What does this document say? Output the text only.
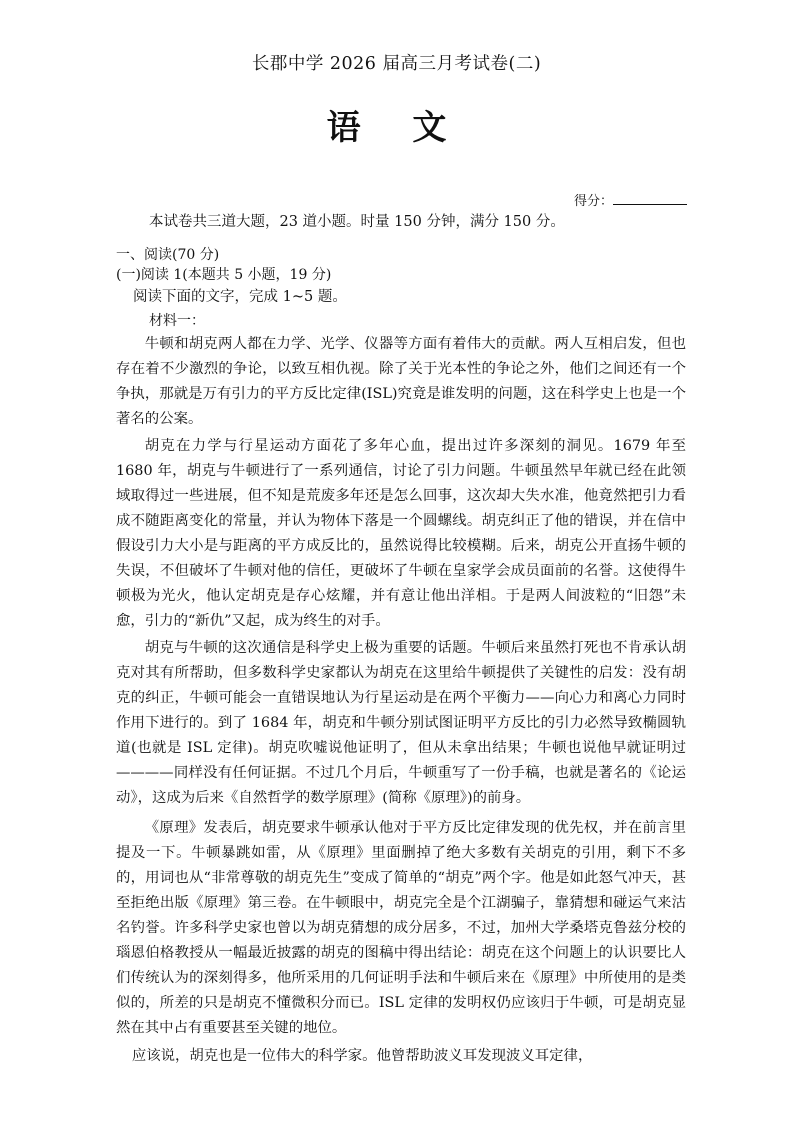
长郡中学 2026 届高三月考试卷(二)
语 文
得分：
本试卷共三道大题，23 道小题。时量 150 分钟，满分 150 分。
一、阅读(70 分)
(一)阅读 1(本题共 5 小题，19 分)
阅读下面的文字，完成 1~5 题。
材料一：

牛顿和胡克两人都在力学、光学、仪器等方面有着伟大的贡献。两人互相启发，但也存在着不少激烈的争论，以致互相仇视。除了关于光本性的争论之外，他们之间还有一个争执，那就是万有引力的平方反比定律(ISL)究竟是谁发明的问题，这在科学史上也是一个著名的公案。

胡克在力学与行星运动方面花了多年心血，提出过许多深刻的洞见。1679 年至 1680 年，胡克与牛顿进行了一系列通信，讨论了引力问题。牛顿虽然早年就已经在此领域取得过一些进展，但不知是荒废多年还是怎么回事，这次却大失水准，他竟然把引力看成不随距离变化的常量，并认为物体下落是一个圆螺线。胡克纠正了他的错误，并在信中假设引力大小是与距离的平方成反比的，虽然说得比较模糊。后来，胡克公开直扬牛顿的失误，不但破坏了牛顿对他的信任，更破坏了牛顿在皇家学会成员面前的名誉。这使得牛顿极为光火，他认定胡克是存心炫耀，并有意让他出洋相。于是两人间波粒的“旧怨”未愈，引力的“新仇”又起，成为终生的对手。

胡克与牛顿的这次通信是科学史上极为重要的话题。牛顿后来虽然打死也不肯承认胡克对其有所帮助，但多数科学史家都认为胡克在这里给牛顿提供了关键性的启发：没有胡克的纠正，牛顿可能会一直错误地认为行星运动是在两个平衡力——向心力和离心力同时作用下进行的。到了 1684 年，胡克和牛顿分别试图证明平方反比的引力必然导致椭圆轨道(也就是 ISL 定律)。胡克吹嘘说他证明了，但从未拿出结果；牛顿也说他早就证明过————同样没有任何证据。不过几个月后，牛顿重写了一份手稿，也就是著名的《论运动》，这成为后来《自然哲学的数学原理》(简称《原理》)的前身。

《原理》发表后，胡克要求牛顿承认他对于平方反比定律发现的优先权，并在前言里提及一下。牛顿暴跳如雷，从《原理》里面删掉了绝大多数有关胡克的引用，剩下不多的，用词也从“非常尊敬的胡克先生”变成了简单的“胡克”两个字。他是如此怒气冲天，甚至拒绝出版《原理》第三卷。在牛顿眼中，胡克完全是个江湖骗子，靠猜想和碰运气来沽名钓誉。许多科学史家也曾以为胡克猜想的成分居多，不过，加州大学桑塔克鲁兹分校的瑙恩伯格教授从一幅最近披露的胡克的图稿中得出结论：胡克在这个问题上的认识要比人们传统认为的深刻得多，他所采用的几何证明手法和牛顿后来在《原理》中所使用的是类似的，所差的只是胡克不懂微积分而已。ISL 定律的发明权仍应该归于牛顿，可是胡克显然在其中占有重要甚至关键的地位。

应该说，胡克也是一位伟大的科学家。他曾帮助波义耳发现波义耳定律，
